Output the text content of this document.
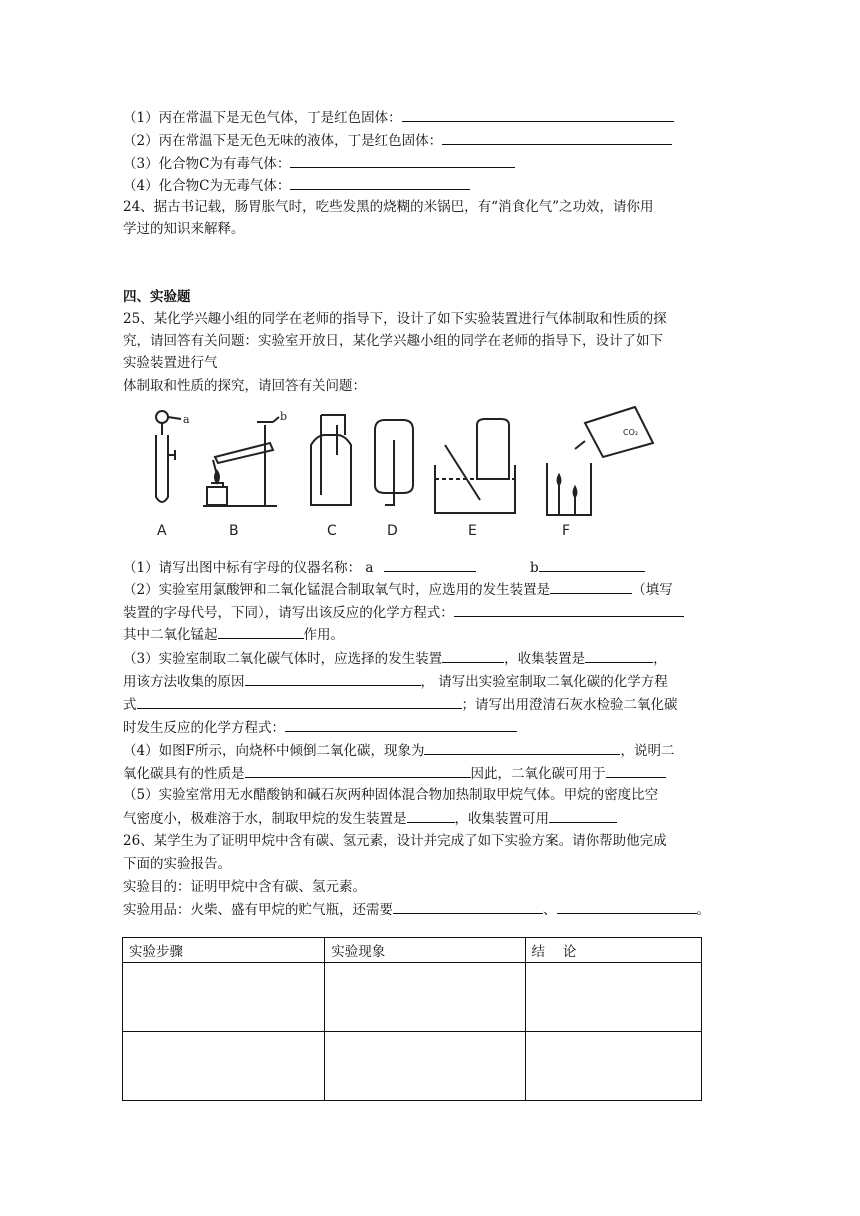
（1）丙在常温下是无色气体，丁是红色固体：
（2）丙在常温下是无色无味的液体，丁是红色固体：
（3）化合物C为有毒气体：
（4）化合物C为无毒气体：
24、据古书记载，肠胃胀气时，吃些发黑的烧糊的米锅巴，有“消食化气”之功效，请你用
学过的知识来解释。
四、实验题
25、某化学兴趣小组的同学在老师的指导下，设计了如下实验装置进行气体制取和性质的探
究，请回答有关问题：实验室开放日，某化学兴趣小组的同学在老师的指导下，设计了如下
实验装置进行气
体制取和性质的探究，请回答有关问题：
a	b
CO₂
A	B	C	D	E	F
（1）请写出图中标有字母的仪器名称： a	b
（2）实验室用氯酸钾和二氧化锰混合制取氧气时，应选用的发生装置是	（填写
装置的字母代号，下同），请写出该反应的化学方程式：
其中二氧化锰起	作用。
（3）实验室制取二氧化碳气体时，应选择的发生装置	，收集装置是	，
用该方法收集的原因	， 请写出实验室制取二氧化碳的化学方程
式	；请写出用澄清石灰水检验二氧化碳
时发生反应的化学方程式：
（4）如图F所示，向烧杯中倾倒二氧化碳，现象为	，说明二
氧化碳具有的性质是	因此，二氧化碳可用于
（5）实验室常用无水醋酸钠和碱石灰两种固体混合物加热制取甲烷气体。甲烷的密度比空
气密度小，极难溶于水，制取甲烷的发生装置是	，收集装置可用
26、某学生为了证明甲烷中含有碳、氢元素，设计并完成了如下实验方案。请你帮助他完成
下面的实验报告。
实验目的：证明甲烷中含有碳、氢元素。
实验用品：火柴、盛有甲烷的贮气瓶，还需要	、	。
实验步骤	实验现象	结　 论
